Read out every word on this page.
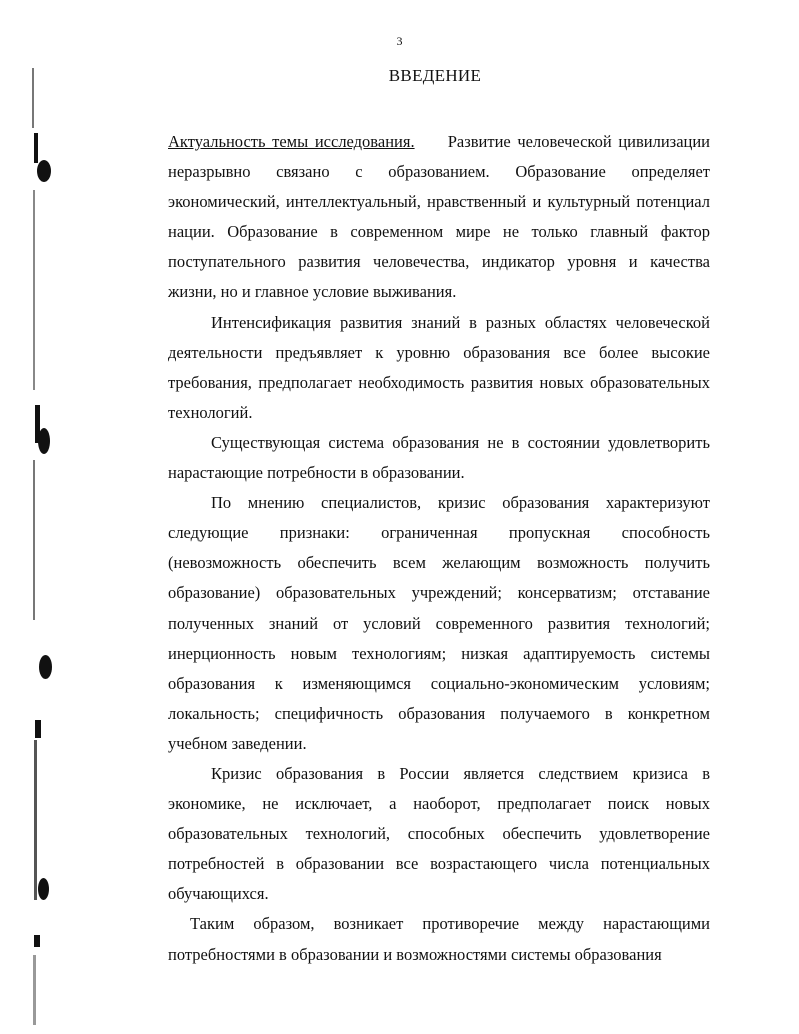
3
ВВЕДЕНИЕ

Актуальность темы исследования. Развитие человеческой цивилизации неразрывно связано с образованием. Образование определяет экономический, интеллектуальный, нравственный и культурный потенциал нации. Образование в современном мире не только главный фактор поступательного развития человечества, индикатор уровня и качества жизни, но и главное условие выживания.

Интенсификация развития знаний в разных областях человеческой деятельности предъявляет к уровню образования все более высокие требования, предполагает необходимость развития новых образовательных технологий.

Существующая система образования не в состоянии удовлетворить нарастающие потребности в образовании.

По мнению специалистов, кризис образования характеризуют следующие признаки: ограниченная пропускная способность (невозможность обеспечить всем желающим возможность получить образование) образовательных учреждений; консерватизм; отставание полученных знаний от условий современного развития технологий; инерционность новым технологиям; низкая адаптируемость системы образования к изменяющимся социально-экономическим условиям; локальность; специфичность образования получаемого в конкретном учебном заведении.

Кризис образования в России является следствием кризиса в экономике, не исключает, а наоборот, предполагает поиск новых образовательных технологий, способных обеспечить удовлетворение потребностей в образовании все возрастающего числа потенциальных обучающихся.

Таким образом, возникает противоречие между нарастающими потребностями в образовании и возможностями системы образования
